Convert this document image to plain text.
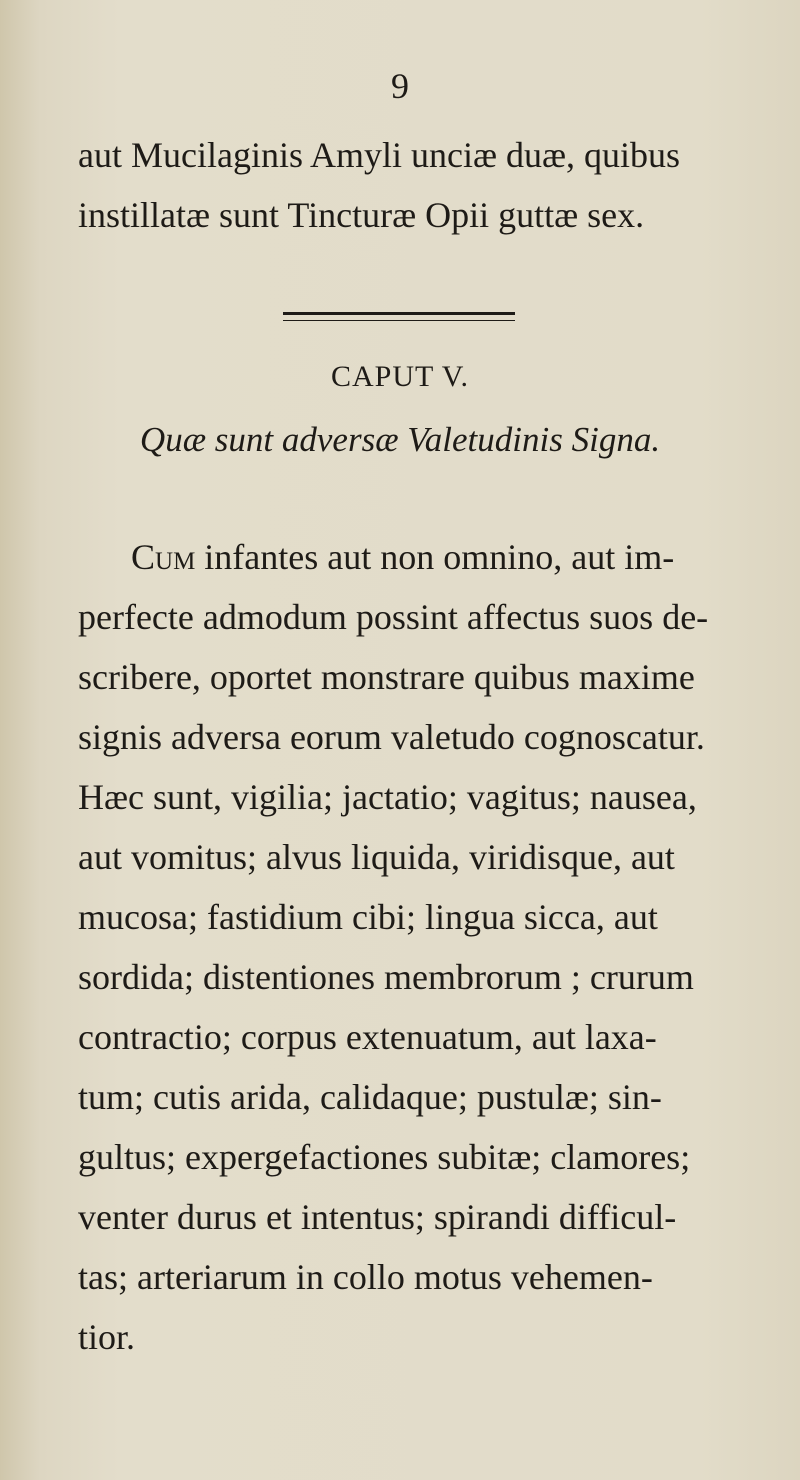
9
aut Mucilaginis Amyli unciæ duæ, quibus
instillatæ sunt Tincturæ Opii guttæ sex.
CAPUT V.
Quæ sunt adversæ Valetudinis Signa.
Cum infantes aut non omnino, aut im-
perfecte admodum possint affectus suos de-
scribere, oportet monstrare quibus maxime
signis adversa eorum valetudo cognoscatur.
Hæc sunt, vigilia; jactatio; vagitus; nausea,
aut vomitus; alvus liquida, viridisque, aut
mucosa; fastidium cibi; lingua sicca, aut
sordida; distentiones membrorum ; crurum
contractio; corpus extenuatum, aut laxa-
tum; cutis arida, calidaque; pustulæ; sin-
gultus; expergefactiones subitæ; clamores;
venter durus et intentus; spirandi difficul-
tas; arteriarum in collo motus vehemen-
tior.
